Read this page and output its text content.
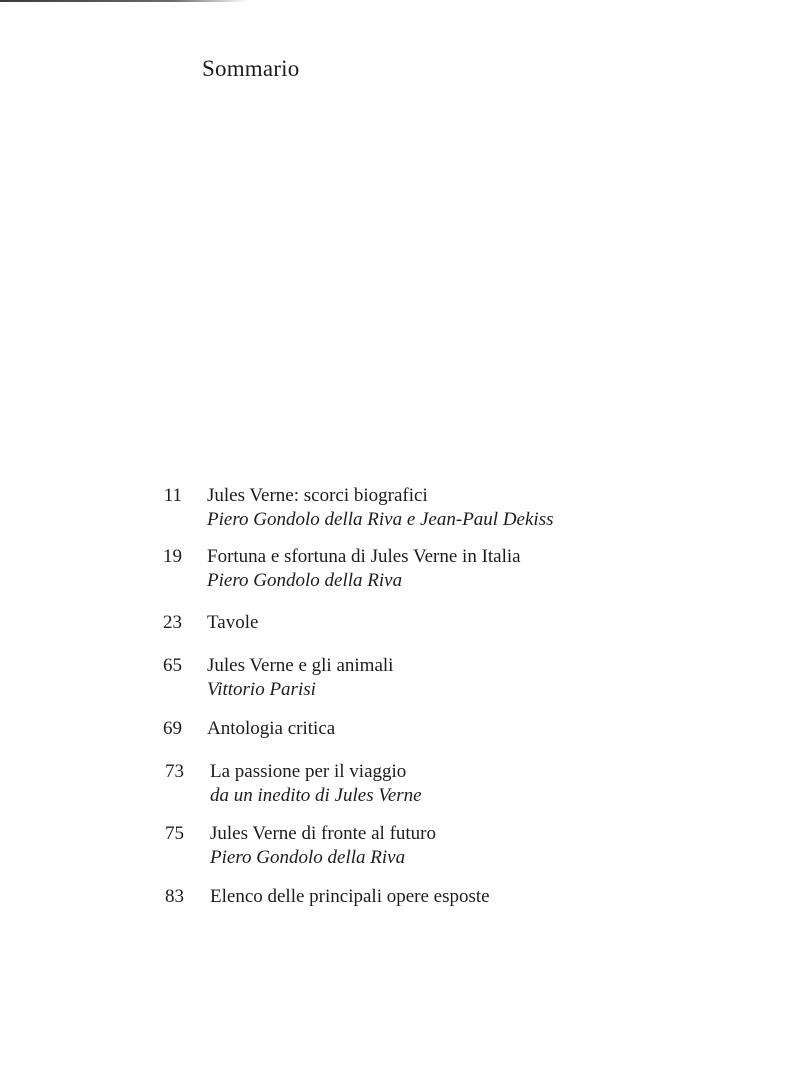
Sommario
11 Jules Verne: scorci biografici
Piero Gondolo della Riva e Jean-Paul Dekiss
19 Fortuna e sfortuna di Jules Verne in Italia
Piero Gondolo della Riva
23 Tavole
65 Jules Verne e gli animali
Vittorio Parisi
69 Antologia critica
73 La passione per il viaggio
da un inedito di Jules Verne
75 Jules Verne di fronte al futuro
Piero Gondolo della Riva
83 Elenco delle principali opere esposte
